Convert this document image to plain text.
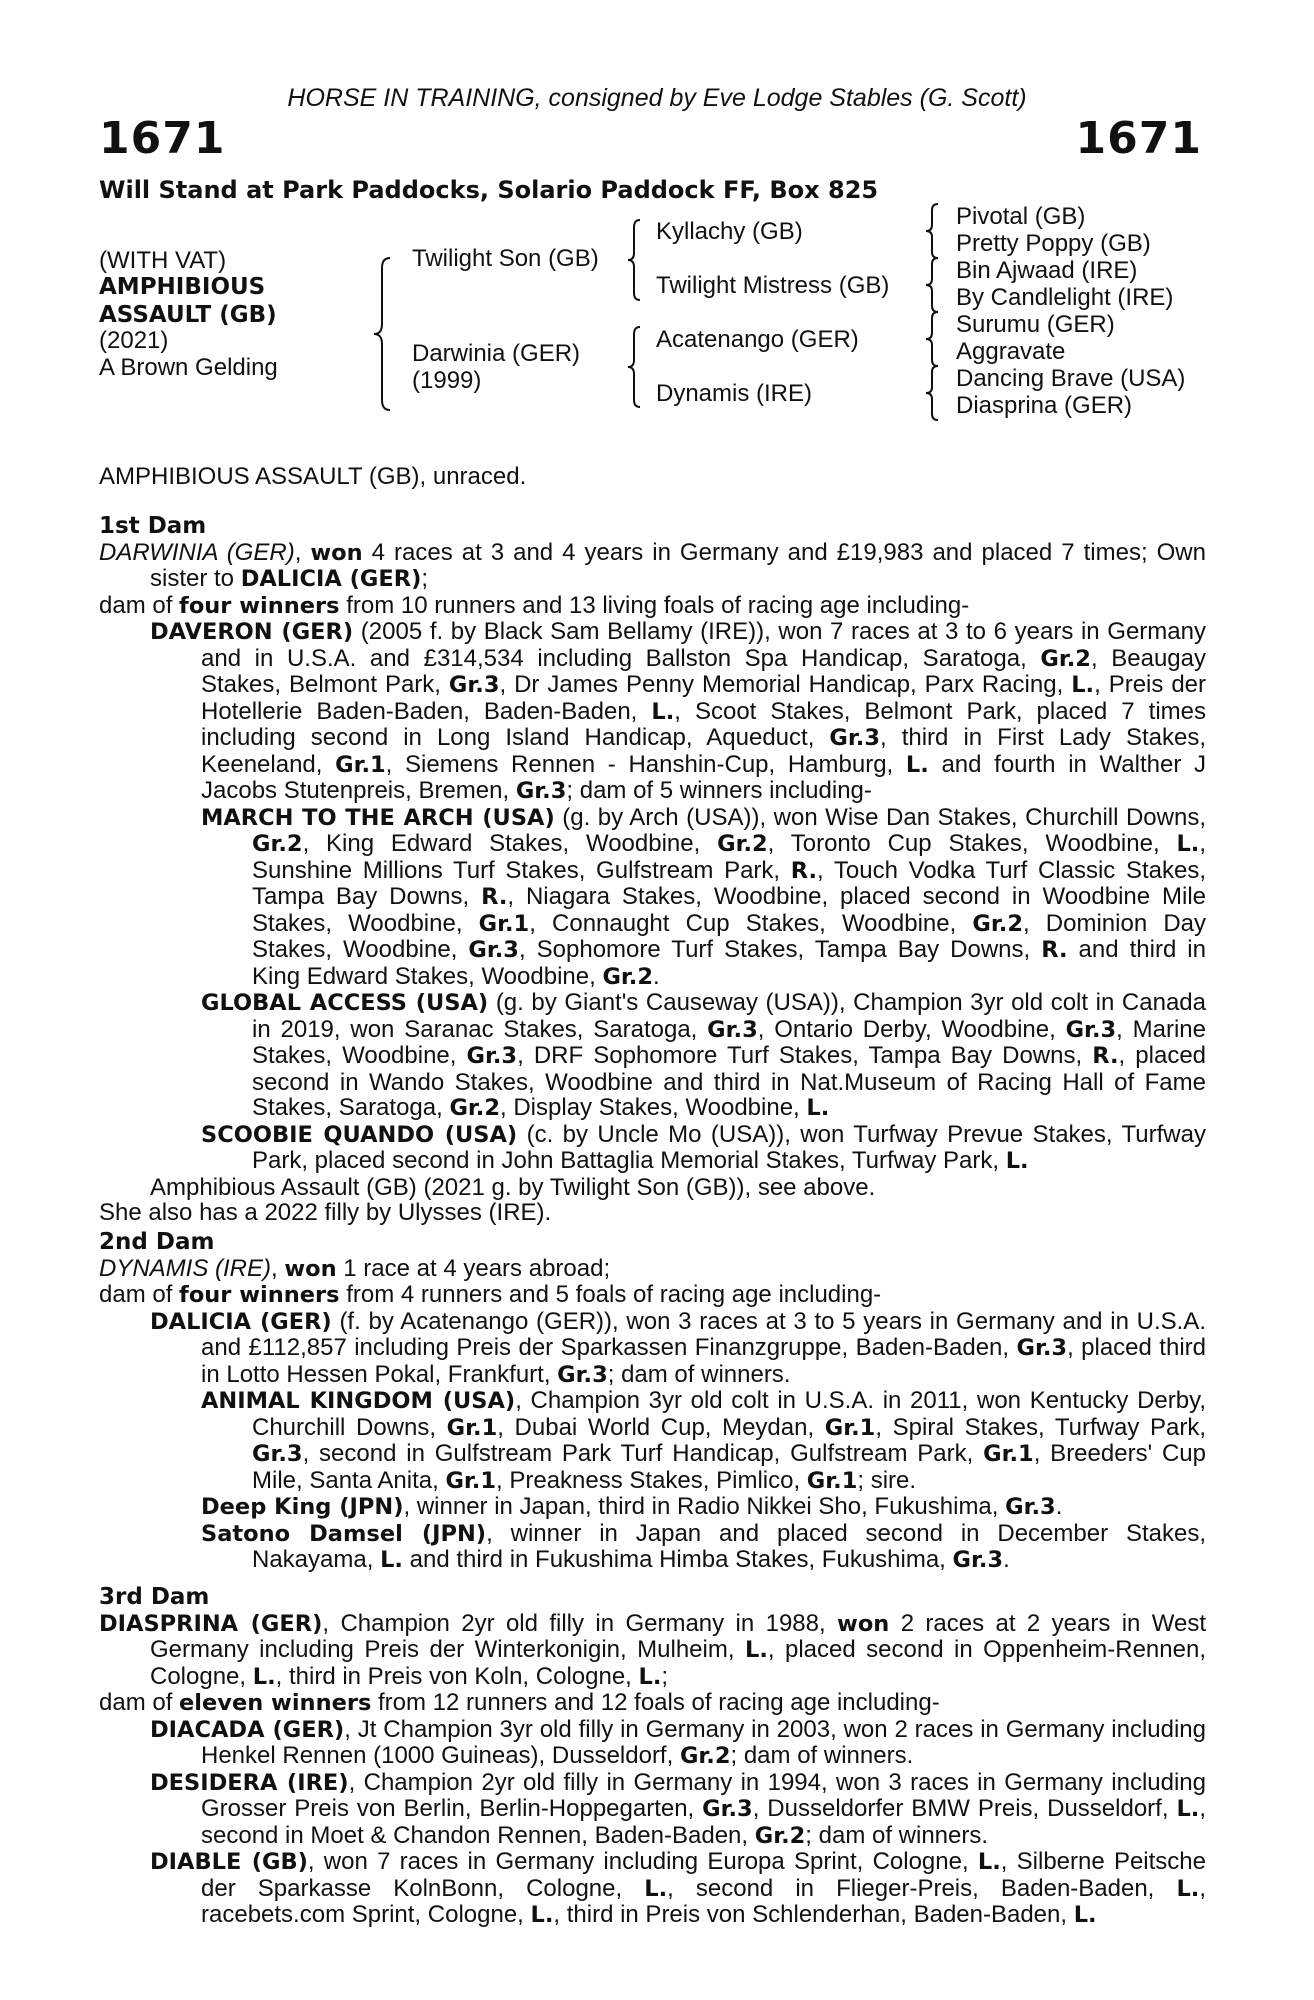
HORSE IN TRAINING, consigned by Eve Lodge Stables (G. Scott)
1671	1671
Will Stand at Park Paddocks, Solario Paddock FF, Box 825
(WITH VAT)
AMPHIBIOUS
ASSAULT (GB)
(2021)
A Brown Gelding
Twilight Son (GB)
Darwinia (GER)
(1999)
Kyllachy (GB)
Twilight Mistress (GB)
Acatenango (GER)
Dynamis (IRE)
Pivotal (GB)
Pretty Poppy (GB)
Bin Ajwaad (IRE)
By Candlelight (IRE)
Surumu (GER)
Aggravate
Dancing Brave (USA)
Diasprina (GER)

AMPHIBIOUS ASSAULT (GB), unraced.

1st Dam

DARWINIA (GER), won 4 races at 3 and 4 years in Germany and £19,983 and placed 7 times; Own sister to DALICIA (GER);

dam of four winners from 10 runners and 13 living foals of racing age including-

DAVERON (GER) (2005 f. by Black Sam Bellamy (IRE)), won 7 races at 3 to 6 years in Germany and in U.S.A. and £314,534 including Ballston Spa Handicap, Saratoga, Gr.2, Beaugay Stakes, Belmont Park, Gr.3, Dr James Penny Memorial Handicap, Parx Racing, L., Preis der Hotellerie Baden-Baden, Baden-Baden, L., Scoot Stakes, Belmont Park, placed 7 times including second in Long Island Handicap, Aqueduct, Gr.3, third in First Lady Stakes, Keeneland, Gr.1, Siemens Rennen - Hanshin-Cup, Hamburg, L. and fourth in Walther J Jacobs Stutenpreis, Bremen, Gr.3; dam of 5 winners including-

MARCH TO THE ARCH (USA) (g. by Arch (USA)), won Wise Dan Stakes, Churchill Downs, Gr.2, King Edward Stakes, Woodbine, Gr.2, Toronto Cup Stakes, Woodbine, L., Sunshine Millions Turf Stakes, Gulfstream Park, R., Touch Vodka Turf Classic Stakes, Tampa Bay Downs, R., Niagara Stakes, Woodbine, placed second in Woodbine Mile Stakes, Woodbine, Gr.1, Connaught Cup Stakes, Woodbine, Gr.2, Dominion Day Stakes, Woodbine, Gr.3, Sophomore Turf Stakes, Tampa Bay Downs, R. and third in King Edward Stakes, Woodbine, Gr.2.

GLOBAL ACCESS (USA) (g. by Giant's Causeway (USA)), Champion 3yr old colt in Canada in 2019, won Saranac Stakes, Saratoga, Gr.3, Ontario Derby, Woodbine, Gr.3, Marine Stakes, Woodbine, Gr.3, DRF Sophomore Turf Stakes, Tampa Bay Downs, R., placed second in Wando Stakes, Woodbine and third in Nat.Museum of Racing Hall of Fame Stakes, Saratoga, Gr.2, Display Stakes, Woodbine, L.

SCOOBIE QUANDO (USA) (c. by Uncle Mo (USA)), won Turfway Prevue Stakes, Turfway Park, placed second in John Battaglia Memorial Stakes, Turfway Park, L.

Amphibious Assault (GB) (2021 g. by Twilight Son (GB)), see above.

She also has a 2022 filly by Ulysses (IRE).

2nd Dam

DYNAMIS (IRE), won 1 race at 4 years abroad;

dam of four winners from 4 runners and 5 foals of racing age including-

DALICIA (GER) (f. by Acatenango (GER)), won 3 races at 3 to 5 years in Germany and in U.S.A. and £112,857 including Preis der Sparkassen Finanzgruppe, Baden-Baden, Gr.3, placed third in Lotto Hessen Pokal, Frankfurt, Gr.3; dam of winners.

ANIMAL KINGDOM (USA), Champion 3yr old colt in U.S.A. in 2011, won Kentucky Derby, Churchill Downs, Gr.1, Dubai World Cup, Meydan, Gr.1, Spiral Stakes, Turfway Park, Gr.3, second in Gulfstream Park Turf Handicap, Gulfstream Park, Gr.1, Breeders' Cup Mile, Santa Anita, Gr.1, Preakness Stakes, Pimlico, Gr.1; sire.

Deep King (JPN), winner in Japan, third in Radio Nikkei Sho, Fukushima, Gr.3.

Satono Damsel (JPN), winner in Japan and placed second in December Stakes, Nakayama, L. and third in Fukushima Himba Stakes, Fukushima, Gr.3.

3rd Dam

DIASPRINA (GER), Champion 2yr old filly in Germany in 1988, won 2 races at 2 years in West Germany including Preis der Winterkonigin, Mulheim, L., placed second in Oppenheim-Rennen, Cologne, L., third in Preis von Koln, Cologne, L.;

dam of eleven winners from 12 runners and 12 foals of racing age including-

DIACADA (GER), Jt Champion 3yr old filly in Germany in 2003, won 2 races in Germany including Henkel Rennen (1000 Guineas), Dusseldorf, Gr.2; dam of winners.

DESIDERA (IRE), Champion 2yr old filly in Germany in 1994, won 3 races in Germany including Grosser Preis von Berlin, Berlin-Hoppegarten, Gr.3, Dusseldorfer BMW Preis, Dusseldorf, L., second in Moet & Chandon Rennen, Baden-Baden, Gr.2; dam of winners.

DIABLE (GB), won 7 races in Germany including Europa Sprint, Cologne, L., Silberne Peitsche der Sparkasse KolnBonn, Cologne, L., second in Flieger-Preis, Baden-Baden, L., racebets.com Sprint, Cologne, L., third in Preis von Schlenderhan, Baden-Baden, L.
